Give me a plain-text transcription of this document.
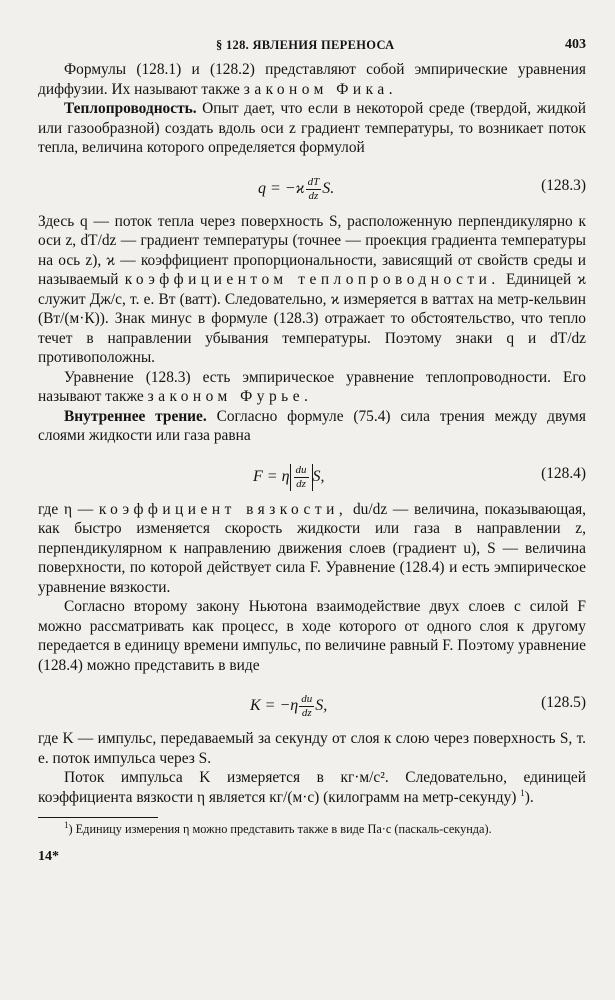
§ 128. ЯВЛЕНИЯ ПЕРЕНОСА	403

Формулы (128.1) и (128.2) представляют собой эмпирические уравнения диффузии. Их называют также законом Фика.

Теплопроводность. Опыт дает, что если в некоторой среде (твердой, жидкой или газообразной) создать вдоль оси z градиент температуры, то возникает поток тепла, величина которого определяется формулой

$q = -ϰ \frac{dT}{dz} S$.	(128.3)

Здесь q — поток тепла через поверхность S, расположенную перпендикулярно к оси z, dT/dz — градиент температуры (точнее — проекция градиента температуры на ось z), ϰ — коэффициент пропорциональности, зависящий от свойств среды и называемый коэффициентом теплопроводности. Единицей ϰ служит Дж/с, т. е. Вт (ватт). Следовательно, ϰ измеряется в ваттах на метр-кельвин (Вт/(м·К)). Знак минус в формуле (128.3) отражает то обстоятельство, что тепло течет в направлении убывания температуры. Поэтому знаки q и dT/dz противоположны.

Уравнение (128.3) есть эмпирическое уравнение теплопроводности. Его называют также законом Фурье.

Внутреннее трение. Согласно формуле (75.4) сила трения между двумя слоями жидкости или газа равна

F = η $\frac{du}{dz} S$,	(128.4)

где η — коэффициент вязкости, du/dz — величина, показывающая, как быстро изменяется скорость жидкости или газа в направлении z, перпендикулярном к направлению движения слоев (градиент u), S — величина поверхности, по которой действует сила F. Уравнение (128.4) и есть эмпирическое уравнение вязкости.

Согласно второму закону Ньютона взаимодействие двух слоев с силой F можно рассматривать как процесс, в ходе которого от одного слоя к другому передается в единицу времени импульс, по величине равный F. Поэтому уравнение (128.4) можно представить в виде

$K = -\eta \frac{du}{dz} S$,	(128.5)

где K — импульс, передаваемый за секунду от слоя к слою через поверхность S, т. е. поток импульса через S.

Поток импульса K измеряется в кг·м/с². Следовательно, единицей коэффициента вязкости η является кг/(м·с) (килограмм на метр-секунду) $^1$).

$^1$) Единицу измерения η можно представить также в виде Па·с (паскаль-секунда).

14*
